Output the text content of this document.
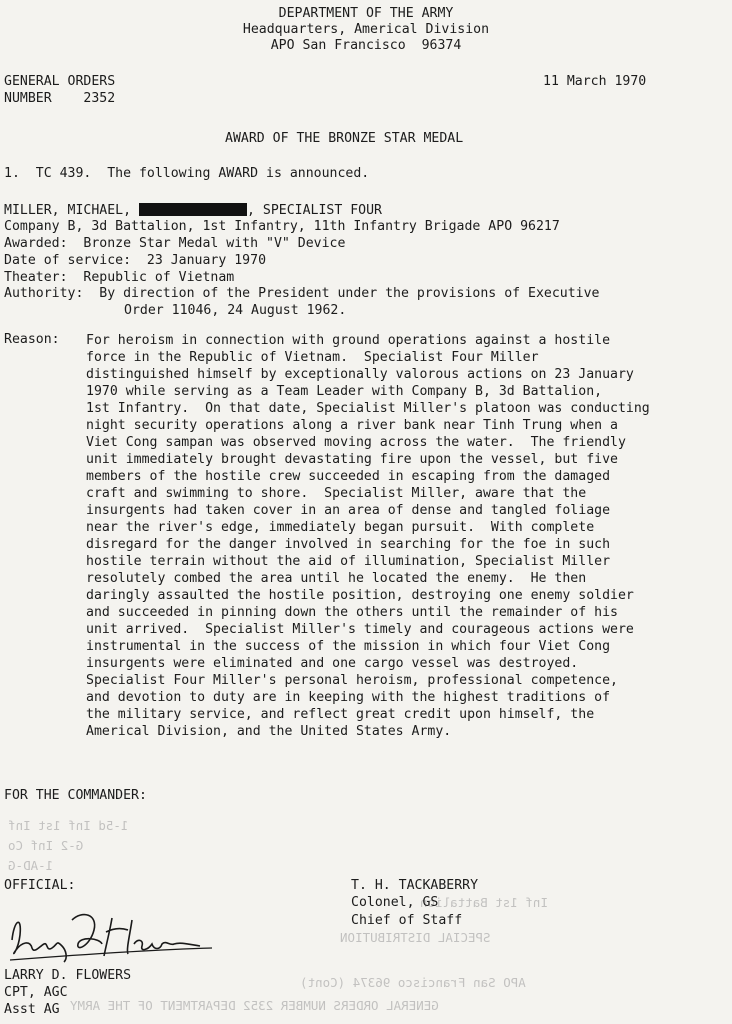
DEPARTMENT OF THE ARMY
Headquarters, Americal Division
APO San Francisco  96374
GENERAL ORDERS
NUMBER    2352
11 March 1970
AWARD OF THE BRONZE STAR MEDAL
1.  TC 439.  The following AWARD is announced.
MILLER, MICHAEL,	, SPECIALIST FOUR
Company B, 3d Battalion, 1st Infantry, 11th Infantry Brigade APO 96217
Awarded:  Bronze Star Medal with "V" Device
Date of service:  23 January 1970
Theater:  Republic of Vietnam
Authority:  By direction of the President under the provisions of Executive
Order 11046, 24 August 1962.
Reason: For heroism in connection with ground operations against a hostile
force in the Republic of Vietnam.  Specialist Four Miller
distinguished himself by exceptionally valorous actions on 23 January
1970 while serving as a Team Leader with Company B, 3d Battalion,
1st Infantry.  On that date, Specialist Miller's platoon was conducting
night security operations along a river bank near Tinh Trung when a
Viet Cong sampan was observed moving across the water.  The friendly
unit immediately brought devastating fire upon the vessel, but five
members of the hostile crew succeeded in escaping from the damaged
craft and swimming to shore.  Specialist Miller, aware that the
insurgents had taken cover in an area of dense and tangled foliage
near the river's edge, immediately began pursuit.  With complete
disregard for the danger involved in searching for the foe in such
hostile terrain without the aid of illumination, Specialist Miller
resolutely combed the area until he located the enemy.  He then
daringly assaulted the hostile position, destroying one enemy soldier
and succeeded in pinning down the others until the remainder of his
unit arrived.  Specialist Miller's timely and courageous actions were
instrumental in the success of the mission in which four Viet Cong
insurgents were eliminated and one cargo vessel was destroyed.
Specialist Four Miller's personal heroism, professional competence,
and devotion to duty are in keeping with the highest traditions of
the military service, and reflect great credit upon himself, the
Americal Division, and the United States Army.
FOR THE COMMANDER:
1-5d Inf 1st Inf
G-2 Inf Co
1-AD-G
Inf 1st Battalion
SPECIAL DISTRIBUTION
APO San Francisco 96374 (Cont)
GENERAL ORDERS NUMBER 2352 DEPARTMENT OF THE ARMY
OFFICIAL:
LARRY D. FLOWERS
CPT, AGC
Asst AG
T. H. TACKABERRY
Colonel, GS
Chief of Staff
